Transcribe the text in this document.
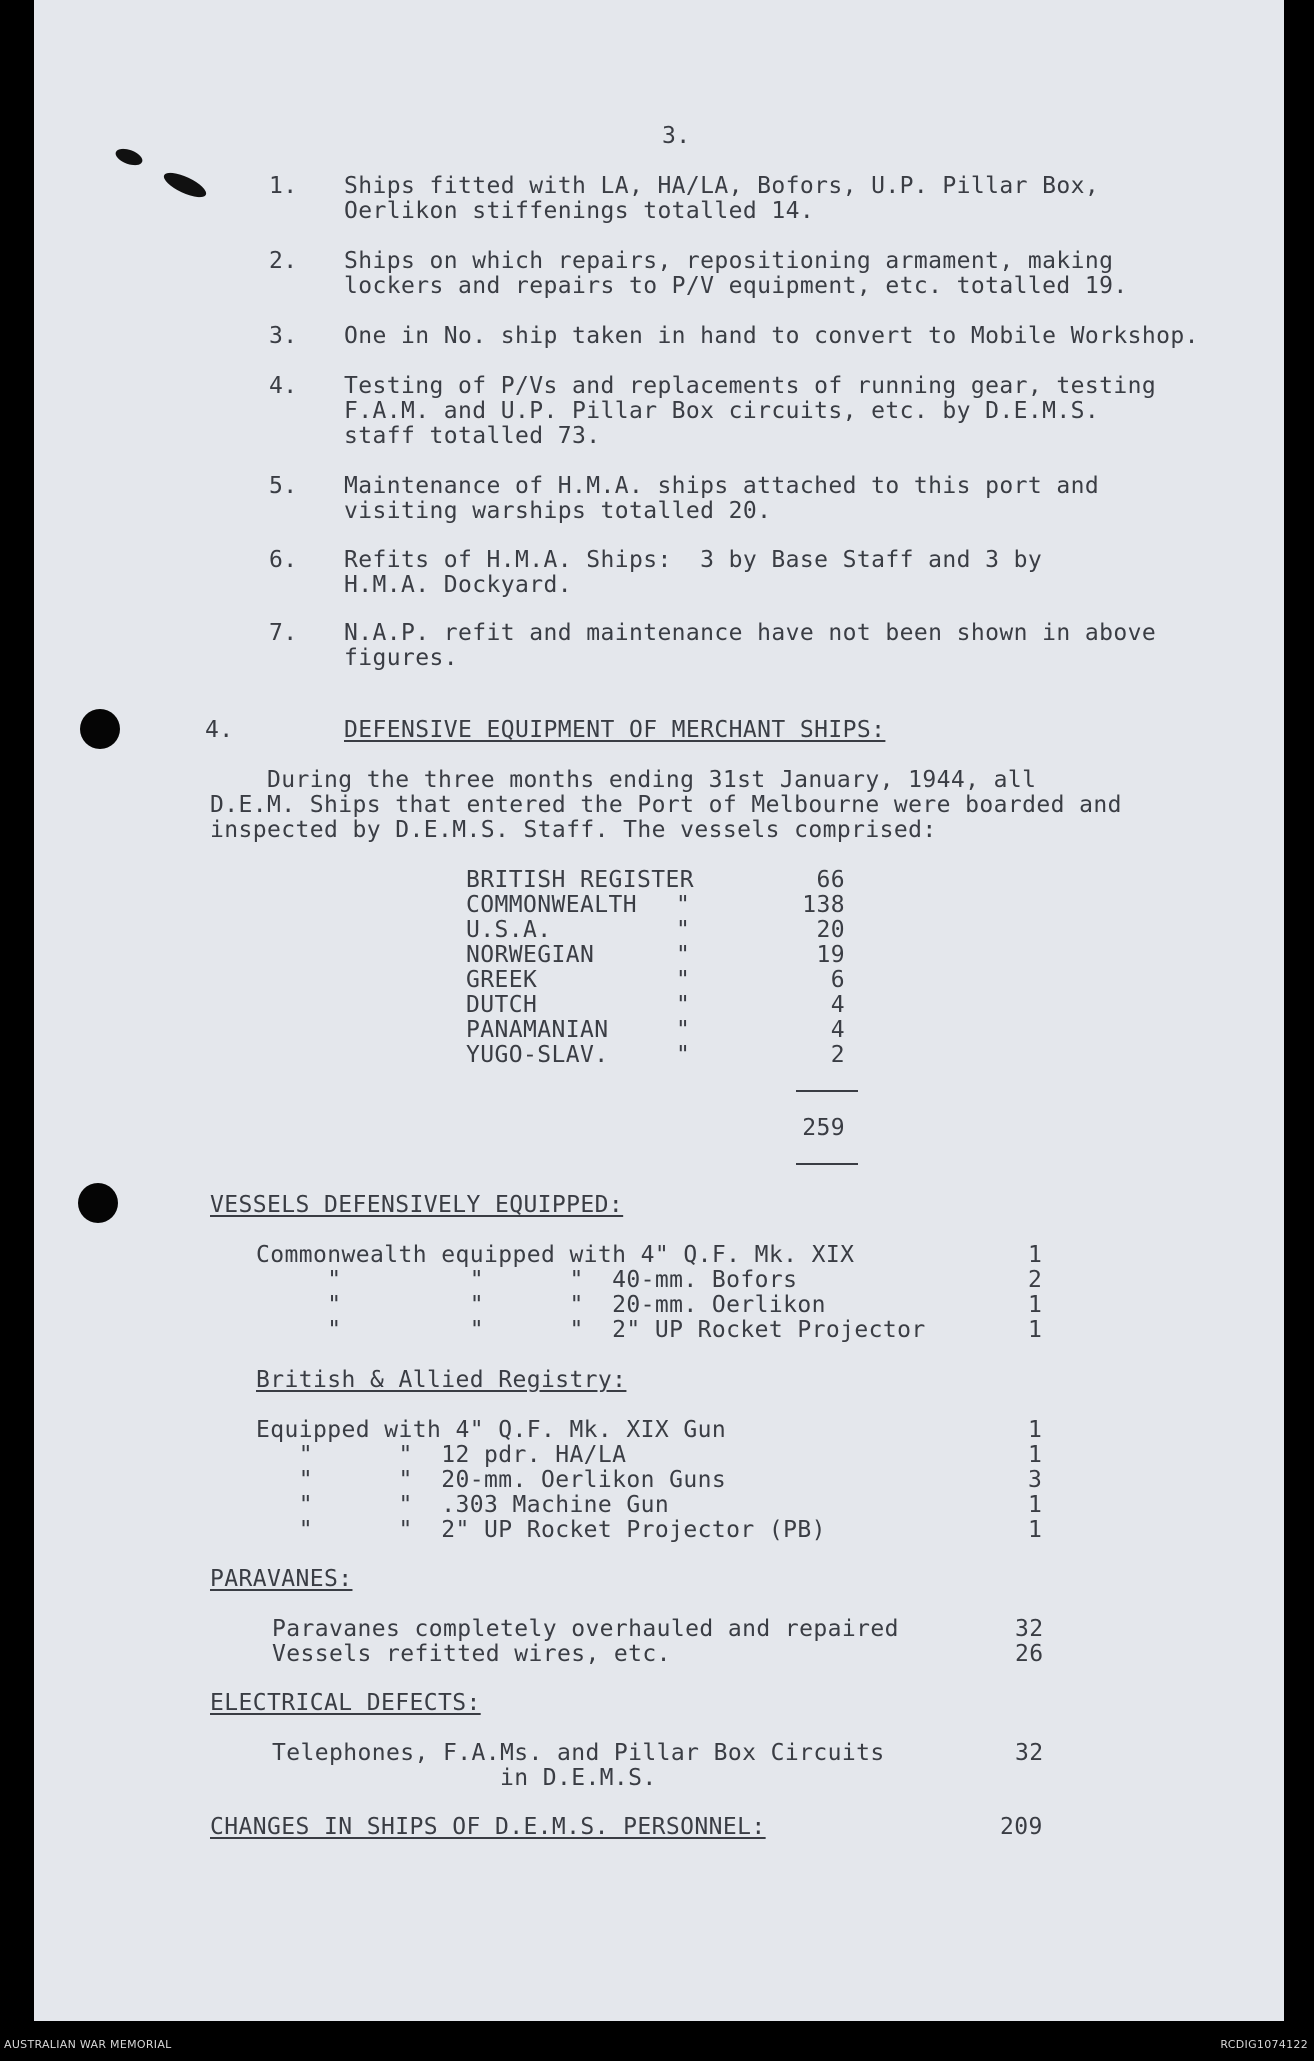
3.
1. Ships fitted with LA, HA/LA, Bofors, U.P. Pillar Box,
Oerlikon stiffenings totalled 14.
2. Ships on which repairs, repositioning armament, making
lockers and repairs to P/V equipment, etc. totalled 19.
3. One in No. ship taken in hand to convert to Mobile Workshop.
4. Testing of P/Vs and replacements of running gear, testing
F.A.M. and U.P. Pillar Box circuits, etc. by D.E.M.S.
staff totalled 73.
5. Maintenance of H.M.A. ships attached to this port and
visiting warships totalled 20.
6. Refits of H.M.A. Ships:  3 by Base Staff and 3 by
H.M.A. Dockyard.
7. N.A.P. refit and maintenance have not been shown in above
figures.
4.	DEFENSIVE EQUIPMENT OF MERCHANT SHIPS:
During the three months ending 31st January, 1944, all
D.E.M. Ships that entered the Port of Melbourne were boarded and
inspected by D.E.M.S. Staff. The vessels comprised:
BRITISH REGISTER	66
COMMONWEALTH "	138
U.S.A.	"	20
NORWEGIAN	"	19
GREEK	"	6
DUTCH	"	4
PANAMANIAN	"	4
YUGO-SLAV.	"	2
259
VESSELS DEFENSIVELY EQUIPPED:
Commonwealth equipped with 4" Q.F. Mk. XIX	1
"         "      "  40-mm. Bofors	2
"         "      "  20-mm. Oerlikon	1
"         "      "  2" UP Rocket Projector	1
British & Allied Registry:
Equipped with 4" Q.F. Mk. XIX Gun	1
"      "  12 pdr. HA/LA	1
"      "  20-mm. Oerlikon Guns	3
"      "  .303 Machine Gun	1
"      "  2" UP Rocket Projector (PB)	1
PARAVANES:
Paravanes completely overhauled and repaired	32
Vessels refitted wires, etc.	26
ELECTRICAL DEFECTS:
Telephones, F.A.Ms. and Pillar Box Circuits	32
in D.E.M.S.
CHANGES IN SHIPS OF D.E.M.S. PERSONNEL:	209
AUSTRALIAN WAR MEMORIAL	RCDIG1074122
